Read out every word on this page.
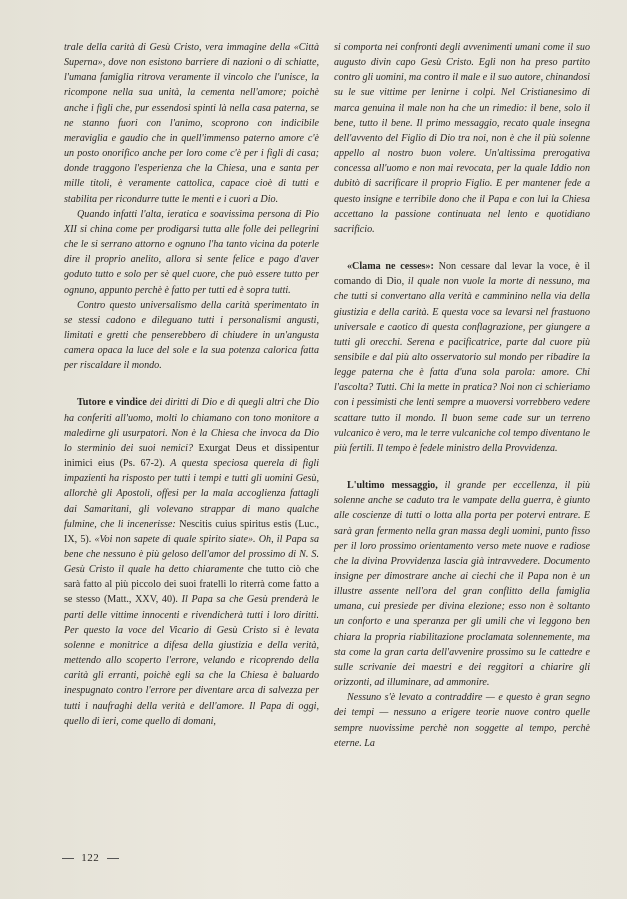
trale della carità di Gesù Cristo, vera immagine della «Città Superna», dove non esistono barriere di nazioni o di schiatte, l'umana famiglia ritrova veramente il vincolo che l'unisce, la ricompone nella sua unità, la cementa nell'amore; poichè anche i figli che, pur essendosi spinti là nella casa paterna, se ne stanno fuori con l'animo, scoprono con indicibile meraviglia e gaudio che in quell'immenso paterno amore c'è un posto onorifico anche per loro come c'è per i figli di casa; donde traggono l'esperienza che la Chiesa, una e santa per mille titoli, è veramente cattolica, capace cioè di tutti e stabilita per ricondurre tutte le menti e i cuori a Dio.

Quando infatti l'alta, ieratica e soavissima persona di Pio XII si china come per prodigarsi tutta alle folle dei pellegrini che le si serrano attorno e ognuno l'ha tanto vicina da poterle dire il proprio anelito, allora si sente felice e pago d'aver goduto tutto e solo per sè quel cuore, che può essere tutto per ognuno, appunto perchè è fatto per tutti ed è sopra tutti.

Contro questo universalismo della carità sperimentato in se stessi cadono e dileguano tutti i personalismi angusti, limitati e gretti che penserebbero di chiudere in un'angusta camera opaca la luce del sole e la sua potenza calorica fatta per riscaldare il mondo.

Tutore e vindice dei diritti di Dio e di quegli altri che Dio ha conferiti all'uomo, molti lo chiamano con tono monitore a maledirne gli usurpatori. Non è la Chiesa che invoca da Dio lo sterminio dei suoi nemici? Exurgat Deus et dissipentur inimici eius (Ps. 67-2). A questa speciosa querela di figli impazienti ha risposto per tutti i tempi e tutti gli uomini Gesù, allorchè gli Apostoli, offesi per la mala accoglienza fattagli dai Samaritani, gli volevano strappar di mano qualche fulmine, che li incenerisse: Nescitis cuius spiritus estis (Luc., IX, 5). «Voi non sapete di quale spirito siate». Oh, il Papa sa bene che nessuno è più geloso dell'amor del prossimo di N. S. Gesù Cristo il quale ha detto chiaramente che tutto ciò che sarà fatto al più piccolo dei suoi fratelli lo riterrà come fatto a se stesso (Matt., XXV, 40). Il Papa sa che Gesù prenderà le parti delle vittime innocenti e rivendicherà tutti i loro diritti. Per questo la voce del Vicario di Gesù Cristo si è levata solenne e monitrice a difesa della giustizia e della verità, mettendo allo scoperto l'errore, velando e ricoprendo della carità gli erranti, poichè egli sa che la Chiesa è baluardo inespugnato contro l'errore per diventare arca di salvezza per tutti i naufraghi della verità e dell'amore. Il Papa di oggi, quello di ieri, come quello di domani,

si comporta nei confronti degli avvenimenti umani come il suo augusto divin capo Gesù Cristo. Egli non ha preso partito contro gli uomini, ma contro il male e il suo autore, chinandosi su le sue vittime per lenirne i colpi. Nel Cristianesimo di marca genuina il male non ha che un rimedio: il bene, solo il bene, tutto il bene. Il primo messaggio, recato quale insegna dell'avvento del Figlio di Dio tra noi, non è che il più solenne appello al nostro buon volere. Un'altissima prerogativa concessa all'uomo e non mai revocata, per la quale Iddio non dubitò di sacrificare il proprio Figlio. E per mantener fede a questo insigne e terribile dono che il Papa e con lui la Chiesa accettano la passione continuata nel lento e quotidiano sacrificio.

«Clama ne cesses»: Non cessare dal levar la voce, è il comando di Dio, il quale non vuole la morte di nessuno, ma che tutti si convertano alla verità e camminino nella via della giustizia e della carità. E questa voce sa levarsi nel frastuono universale e caotico di questa conflagrazione, per giungere a tutti gli orecchi. Serena e pacificatrice, parte dal cuore più sensibile e dal più alto osservatorio sul mondo per ribadire la legge paterna che è fatta d'una sola parola: amore. Chi l'ascolta? Tutti. Chi la mette in pratica? Noi non ci schieriamo con i pessimisti che lenti sempre a muoversi vorrebbero vedere scattare tutto il mondo. Il buon seme cade sur un terreno vulcanico è vero, ma le terre vulcaniche col tempo diventano le più fertili. Il tempo è fedele ministro della Provvidenza.

L'ultimo messaggio, il grande per eccellenza, il più solenne anche se caduto tra le vampate della guerra, è giunto alle coscienze di tutti o lotta alla porta per potervi entrare. E sarà gran fermento nella gran massa degli uomini, punto fisso per il loro prossimo orientamento verso mete nuove e radiose che la divina Provvidenza lascia già intravvedere. Documento insigne per dimostrare anche ai ciechi che il Papa non è un illustre assente nell'ora del gran conflitto della famiglia umana, cui presiede per divina elezione; esso non è soltanto un conforto e una speranza per gli umili che vi leggono ben chiara la propria riabilitazione proclamata solennemente, ma sta come la gran carta dell'avvenire prossimo su le cattedre e sulle scrivanie dei maestri e dei reggitori a chiarire gli orizzonti, ad illuminare, ad ammonire.

Nessuno s'è levato a contraddire — e questo è gran segno dei tempi — nessuno a erigere teorie nuove contro quelle sempre nuovissime perchè non soggette al tempo, perchè eterne. La

122
